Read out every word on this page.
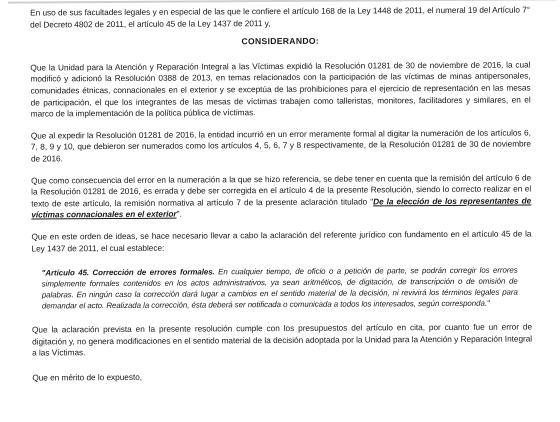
En uso de sus facultades legales y en especial de las que le confiere el artículo 168 de la Ley 1448 de 2011, el numeral 19 del Artículo 7° del Decreto 4802 de 2011, el artículo 45 de la Ley 1437 de 2011 y,

CONSIDERANDO:

Que la Unidad para la Atención y Reparación Integral a las Víctimas expidió la Resolución 01281 de 30 de noviembre de 2016, la cual modificó y adicionó la Resolución 0388 de 2013, en temas relacionados con la participación de las víctimas de minas antipersonales, comunidades étnicas, connacionales en el exterior y se exceptúa de las prohibiciones para el ejercicio de representación en las mesas de participación, el que los integrantes de las mesas de víctimas trabajen como talleristas, monitores, facilitadores y similares, en el marco de la implementación de la política pública de víctimas.

Que al expedir la Resolución 01281 de 2016, la entidad incurrió en un error meramente formal al digitar la numeración de los artículos 6, 7, 8, 9 y 10, que debieron ser numerados como los artículos 4, 5, 6, 7 y 8 respectivamente, de la Resolución 01281 de 30 de noviembre de 2016.

Que como consecuencia del error en la numeración a la que se hizo referencia, se debe tener en cuenta que la remisión del artículo 6 de la Resolución 01281 de 2016, es errada y debe ser corregida en el artículo 4 de la presente Resolución, siendo lo correcto realizar en el texto de este artículo, la remisión normativa al artículo 7 de la presente aclaración titulado "De la elección de los representantes de víctimas connacionales en el exterior".

Que en este orden de ideas, se hace necesario llevar a cabo la aclaración del referente jurídico con fundamento en el artículo 45 de la Ley 1437 de 2011, el cual establece:

"Artículo 45. Corrección de errores formales. En cualquier tiempo, de oficio o a petición de parte, se podrán corregir los errores simplemente formales contenidos en los actos administrativos, ya sean aritméticos, de digitación, de transcripción o de omisión de palabras. En ningún caso la corrección dará lugar a cambios en el sentido material de la decisión, ni revivirá los términos legales para demandar el acto. Realizada la corrección, ésta deberá ser notificada o comunicada a todos los interesados, según corresponda."

Que la aclaración prevista en la presente resolución cumple con los presupuestos del artículo en cita, por cuanto fue un error de digitación y, no genera modificaciones en el sentido material de la decisión adoptada por la Unidad para la Atención y Reparación Integral a las Víctimas.

Que en mérito de lo expuesto,
